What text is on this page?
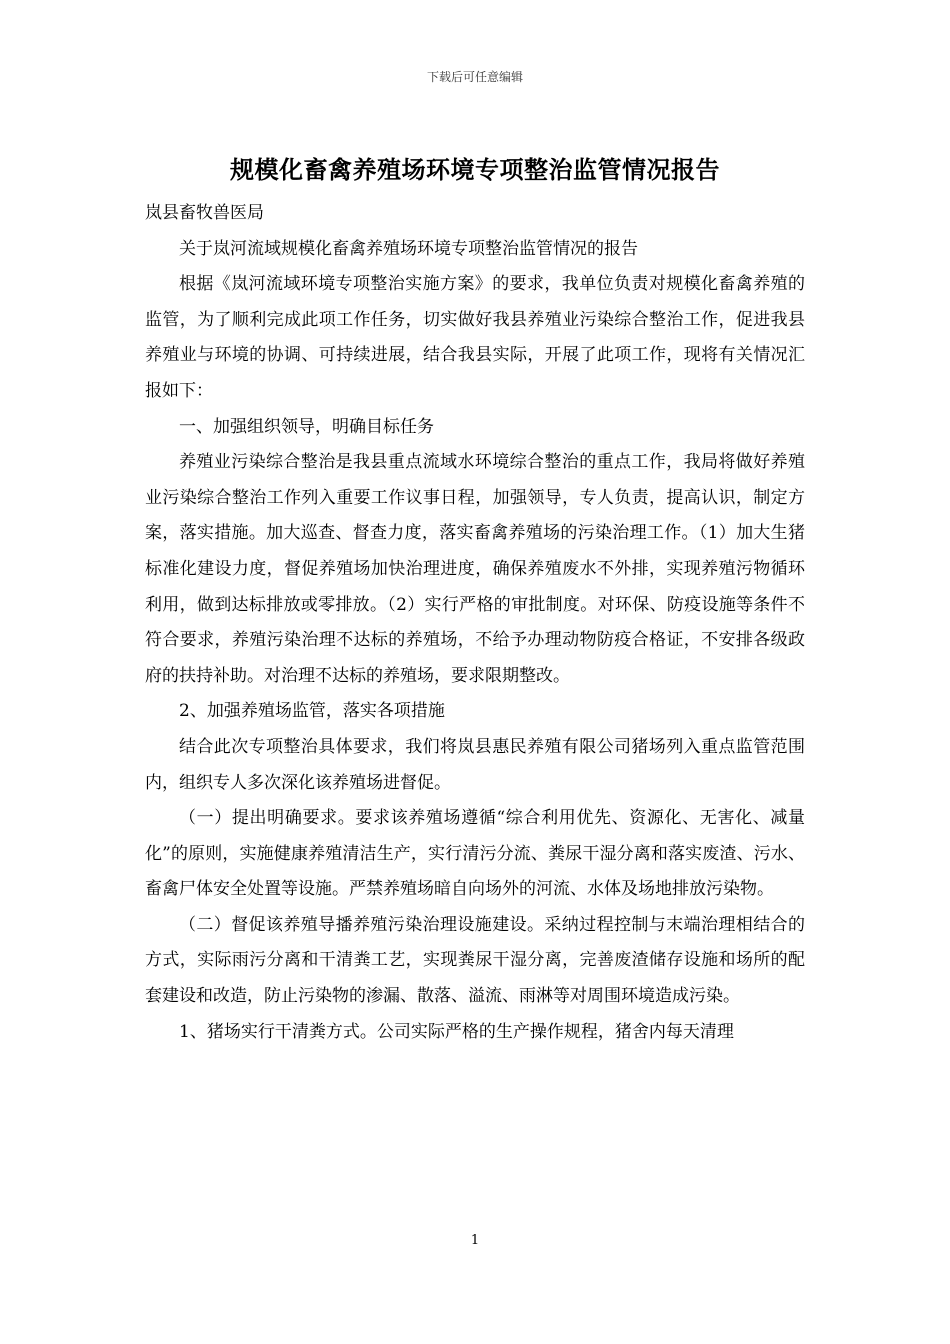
下载后可任意编辑
规模化畜禽养殖场环境专项整治监管情况报告

岚县畜牧兽医局

关于岚河流域规模化畜禽养殖场环境专项整治监管情况的报告

根据《岚河流域环境专项整治实施方案》的要求，我单位负责对规模化畜禽养殖的监管，为了顺利完成此项工作任务，切实做好我县养殖业污染综合整治工作，促进我县养殖业与环境的协调、可持续进展，结合我县实际，开展了此项工作，现将有关情况汇报如下：

一、加强组织领导，明确目标任务

养殖业污染综合整治是我县重点流域水环境综合整治的重点工作，我局将做好养殖业污染综合整治工作列入重要工作议事日程，加强领导，专人负责，提高认识，制定方案，落实措施。加大巡查、督查力度，落实畜禽养殖场的污染治理工作。（1）加大生猪标准化建设力度，督促养殖场加快治理进度，确保养殖废水不外排，实现养殖污物循环利用，做到达标排放或零排放。（2）实行严格的审批制度。对环保、防疫设施等条件不符合要求，养殖污染治理不达标的养殖场，不给予办理动物防疫合格证，不安排各级政府的扶持补助。对治理不达标的养殖场，要求限期整改。

2、加强养殖场监管，落实各项措施

结合此次专项整治具体要求，我们将岚县惠民养殖有限公司猪场列入重点监管范围内，组织专人多次深化该养殖场进督促。

（一）提出明确要求。要求该养殖场遵循“综合利用优先、资源化、无害化、减量化”的原则，实施健康养殖清洁生产，实行清污分流、粪尿干湿分离和落实废渣、污水、畜禽尸体安全处置等设施。严禁养殖场暗自向场外的河流、水体及场地排放污染物。

（二）督促该养殖导播养殖污染治理设施建设。采纳过程控制与末端治理相结合的方式，实际雨污分离和干清粪工艺，实现粪尿干湿分离，完善废渣储存设施和场所的配套建设和改造，防止污染物的渗漏、散落、溢流、雨淋等对周围环境造成污染。

1、猪场实行干清粪方式。公司实际严格的生产操作规程，猪舍内每天清理

1
